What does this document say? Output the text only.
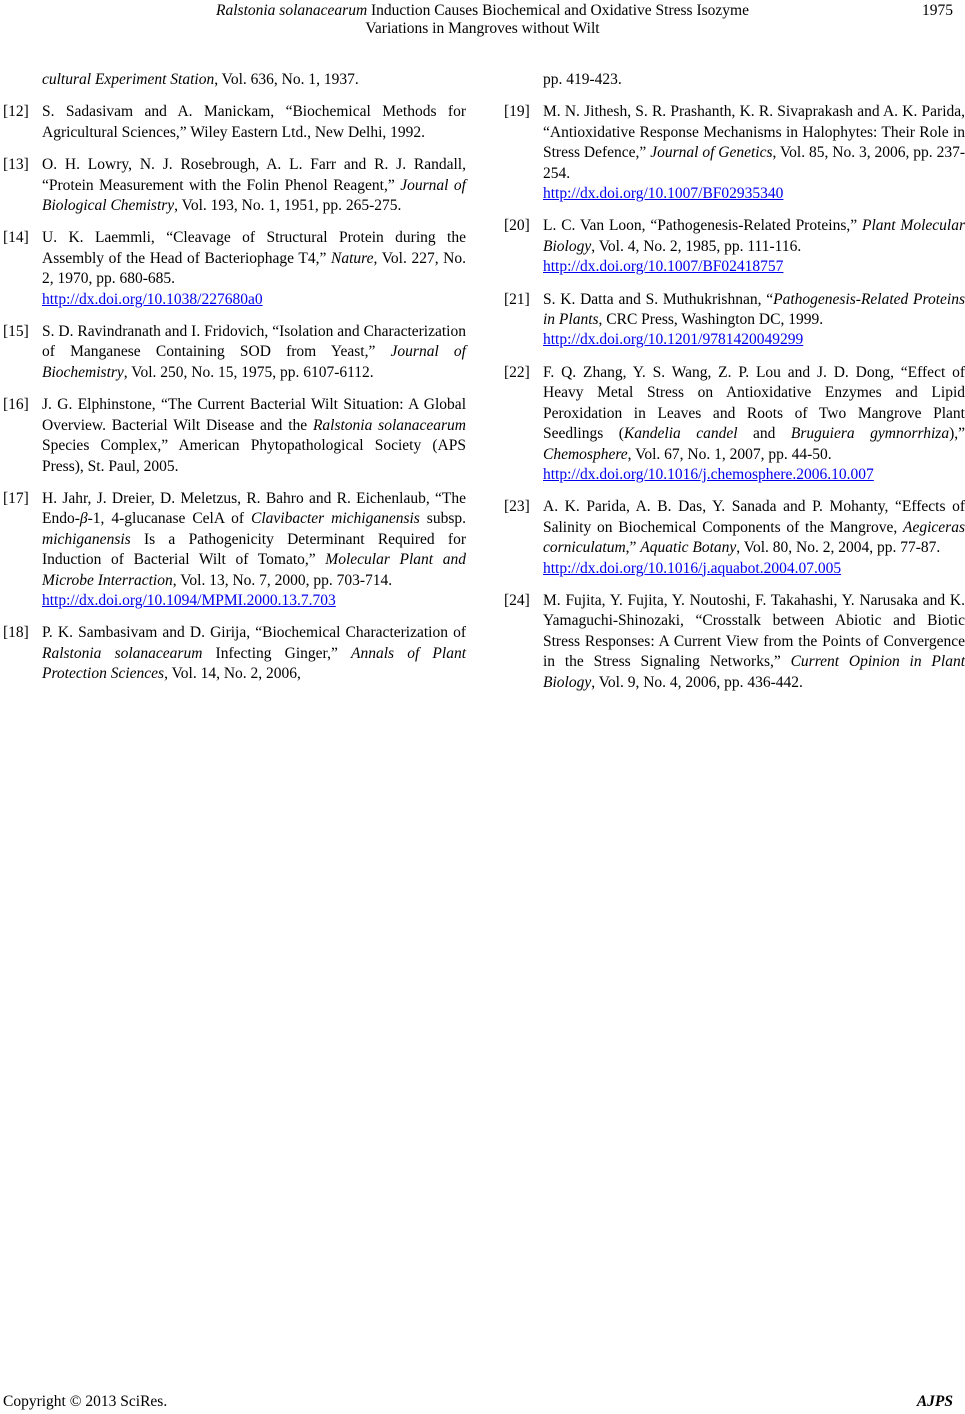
Ralstonia solanacearum Induction Causes Biochemical and Oxidative Stress Isozyme
Variations in Mangroves without Wilt
1975
cultural Experiment Station, Vol. 636, No. 1, 1937.
[12] S. Sadasivam and A. Manickam, “Biochemical Methods for Agricultural Sciences,” Wiley Eastern Ltd., New Delhi, 1992.
[13] O. H. Lowry, N. J. Rosebrough, A. L. Farr and R. J. Randall, “Protein Measurement with the Folin Phenol Reagent,” Journal of Biological Chemistry, Vol. 193, No. 1, 1951, pp. 265-275.
[14] U. K. Laemmli, “Cleavage of Structural Protein during the Assembly of the Head of Bacteriophage T4,” Nature, Vol. 227, No. 2, 1970, pp. 680-685.
http://dx.doi.org/10.1038/227680a0
[15] S. D. Ravindranath and I. Fridovich, “Isolation and Characterization of Manganese Containing SOD from Yeast,” Journal of Biochemistry, Vol. 250, No. 15, 1975, pp. 6107-6112.
[16] J. G. Elphinstone, “The Current Bacterial Wilt Situation: A Global Overview. Bacterial Wilt Disease and the Ralstonia solanacearum Species Complex,” American Phytopathological Society (APS Press), St. Paul, 2005.
[17] H. Jahr, J. Dreier, D. Meletzus, R. Bahro and R. Eichenlaub, “The Endo-β-1, 4-glucanase CelA of Clavibacter michiganensis subsp. michiganensis Is a Pathogenicity Determinant Required for Induction of Bacterial Wilt of Tomato,” Molecular Plant and Microbe Interraction, Vol. 13, No. 7, 2000, pp. 703-714.
http://dx.doi.org/10.1094/MPMI.2000.13.7.703
[18] P. K. Sambasivam and D. Girija, “Biochemical Characterization of Ralstonia solanacearum Infecting Ginger,” Annals of Plant Protection Sciences, Vol. 14, No. 2, 2006,
pp. 419-423.
[19] M. N. Jithesh, S. R. Prashanth, K. R. Sivaprakash and A. K. Parida, “Antioxidative Response Mechanisms in Halophytes: Their Role in Stress Defence,” Journal of Genetics, Vol. 85, No. 3, 2006, pp. 237-254.
http://dx.doi.org/10.1007/BF02935340
[20] L. C. Van Loon, “Pathogenesis-Related Proteins,” Plant Molecular Biology, Vol. 4, No. 2, 1985, pp. 111-116.
http://dx.doi.org/10.1007/BF02418757
[21] S. K. Datta and S. Muthukrishnan, “Pathogenesis-Related Proteins in Plants, CRC Press, Washington DC, 1999.
http://dx.doi.org/10.1201/9781420049299
[22] F. Q. Zhang, Y. S. Wang, Z. P. Lou and J. D. Dong, “Effect of Heavy Metal Stress on Antioxidative Enzymes and Lipid Peroxidation in Leaves and Roots of Two Mangrove Plant Seedlings (Kandelia candel and Bruguiera gymnorrhiza),” Chemosphere, Vol. 67, No. 1, 2007, pp. 44-50.
http://dx.doi.org/10.1016/j.chemosphere.2006.10.007
[23] A. K. Parida, A. B. Das, Y. Sanada and P. Mohanty, “Effects of Salinity on Biochemical Components of the Mangrove, Aegiceras corniculatum,” Aquatic Botany, Vol. 80, No. 2, 2004, pp. 77-87.
http://dx.doi.org/10.1016/j.aquabot.2004.07.005
[24] M. Fujita, Y. Fujita, Y. Noutoshi, F. Takahashi, Y. Narusaka and K. Yamaguchi-Shinozaki, “Crosstalk between Abiotic and Biotic Stress Responses: A Current View from the Points of Convergence in the Stress Signaling Networks,” Current Opinion in Plant Biology, Vol. 9, No. 4, 2006, pp. 436-442.
Copyright © 2013 SciRes.	AJPS
